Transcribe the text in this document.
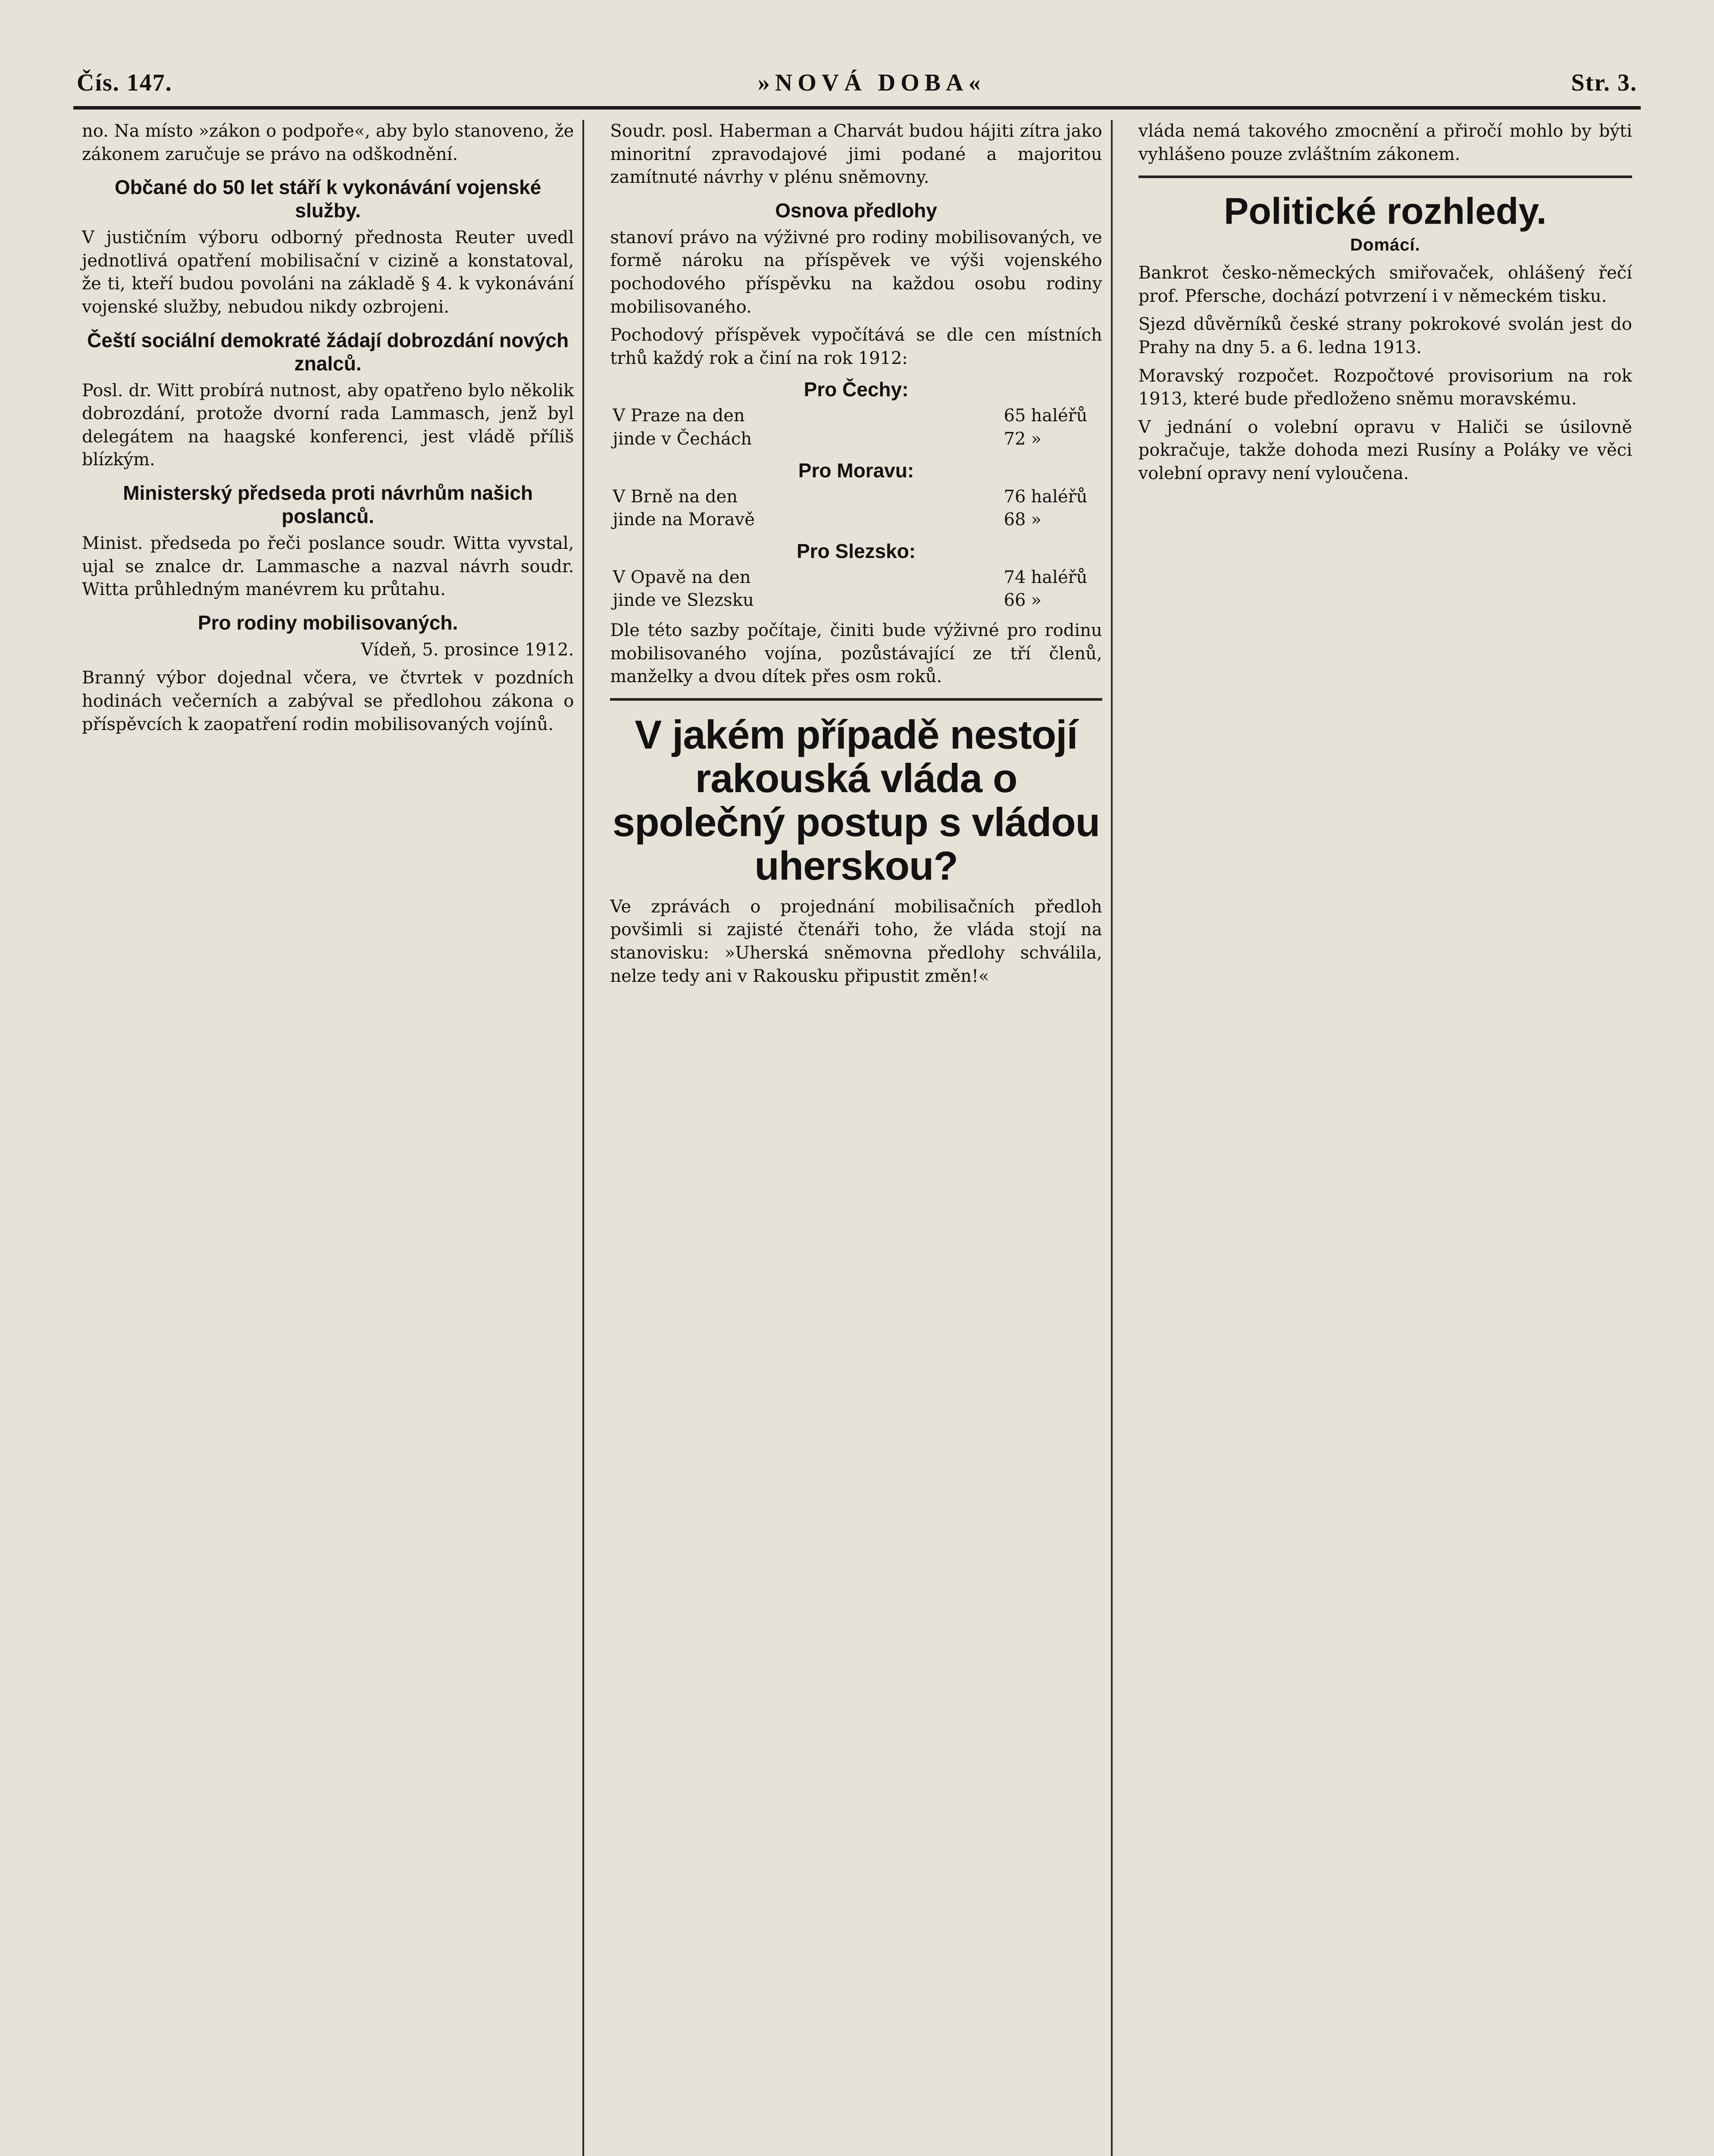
Čís. 147.	»NOVÁ DOBA«	Str. 3.

no. Na místo »zákon o podpoře«, aby bylo stanoveno, že zákonem zaručuje se právo na odškodnění.

Občané do 50 let stáří k vykonávání vojenské služby.

V justičním výboru odborný přednosta Reuter uvedl jednotlivá opatření mobilisační v cizině a konstatoval, že ti, kteří budou povoláni na základě § 4. k vykonávání vojenské služby, nebudou nikdy ozbrojeni.

Čeští sociální demokraté žádají dobrozdání nových znalců.

Posl. dr. Witt probírá nutnost, aby opatřeno bylo několik dobrozdání, protože dvorní rada Lammasch, jenž byl delegátem na haagské konferenci, jest vládě příliš blízkým.

Ministerský předseda proti návrhům našich poslanců.

Minist. předseda po řeči poslance soudr. Witta vyvstal, ujal se znalce dr. Lammasche a nazval návrh soudr. Witta průhledným manévrem ku průtahu.

Pro rodiny mobilisovaných.

Vídeň, 5. prosince 1912.

Branný výbor dojednal včera, ve čtvrtek v pozdních hodinách večerních a zabýval se předlohou zákona o příspěvcích k zaopatření rodin mobilisovaných vojínů.

Soudr. posl. Haberman a Charvát budou hájiti zítra jako minoritní zpravodajové jimi podané a majoritou zamítnuté návrhy v plénu sněmovny.

Osnova předlohy

stanoví právo na výživné pro rodiny mobilisovaných, ve formě nároku na příspěvek ve výši vojenského pochodového příspěvku na každou osobu rodiny mobilisovaného.

Pochodový příspěvek vypočítává se dle cen místních trhů každý rok a činí na rok 1912:

Pro Čechy:
V Praze na den	65	haléřů
jinde v Čechách	72	»
Pro Moravu:
V Brně na den	76	haléřů
jinde na Moravě	68	»
Pro Slezsko:
V Opavě na den	74	haléřů
jinde ve Slezsku	66	»

Dle této sazby počítaje, činiti bude výživné pro rodinu mobilisovaného vojína, pozůstávající ze tří členů, manželky a dvou dítek přes osm roků.

V jakém případě nestojí rakouská vláda o společný postup s vládou uherskou?

Ve zprávách o projednání mobilisačních předloh povšimli si zajisté čtenáři toho, že vláda stojí na stanovisku: »Uherská sněmovna předlohy schválila, nelze tedy ani v Rakousku připustit změn!«

vláda nemá takového zmocnění a přiročí mohlo by býti vyhlášeno pouze zvláštním zákonem.

Politické rozhledy.
Domácí.

Bankrot česko-německých smiřovaček, ohlášený řečí prof. Pfersche, dochází potvrzení i v německém tisku.

Sjezd důvěrníků české strany pokrokové svolán jest do Prahy na dny 5. a 6. ledna 1913.

Moravský rozpočet. Rozpočtové provisorium na rok 1913, které bude předloženo sněmu moravskému.

V jednání o volební opravu v Haliči se úsilovně pokračuje, takže dohoda mezi Rusíny a Poláky ve věci volební opravy není vyloučena.
